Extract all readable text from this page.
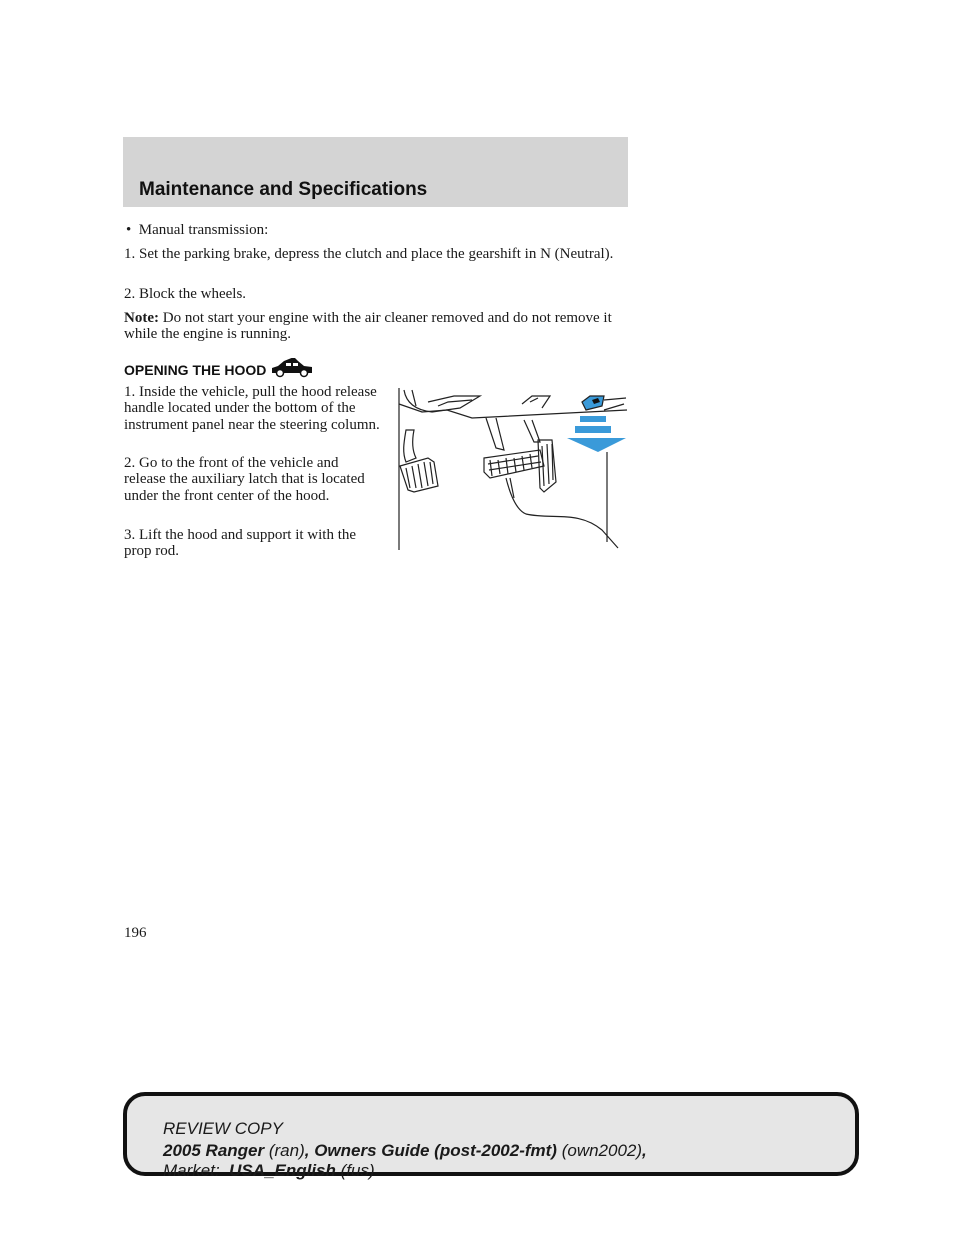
Maintenance and Specifications

• Manual transmission:

1. Set the parking brake, depress the clutch and place the gearshift in N (Neutral).

2. Block the wheels.

Note: Do not start your engine with the air cleaner removed and do not remove it while the engine is running.

OPENING THE HOOD

1. Inside the vehicle, pull the hood release handle located under the bottom of the instrument panel near the steering column.

2. Go to the front of the vehicle and release the auxiliary latch that is located under the front center of the hood.

3. Lift the hood and support it with the prop rod.

196

REVIEW COPY

2005 Ranger (ran), Owners Guide (post-2002-fmt) (own2002),

Market: USA_English (fus)
